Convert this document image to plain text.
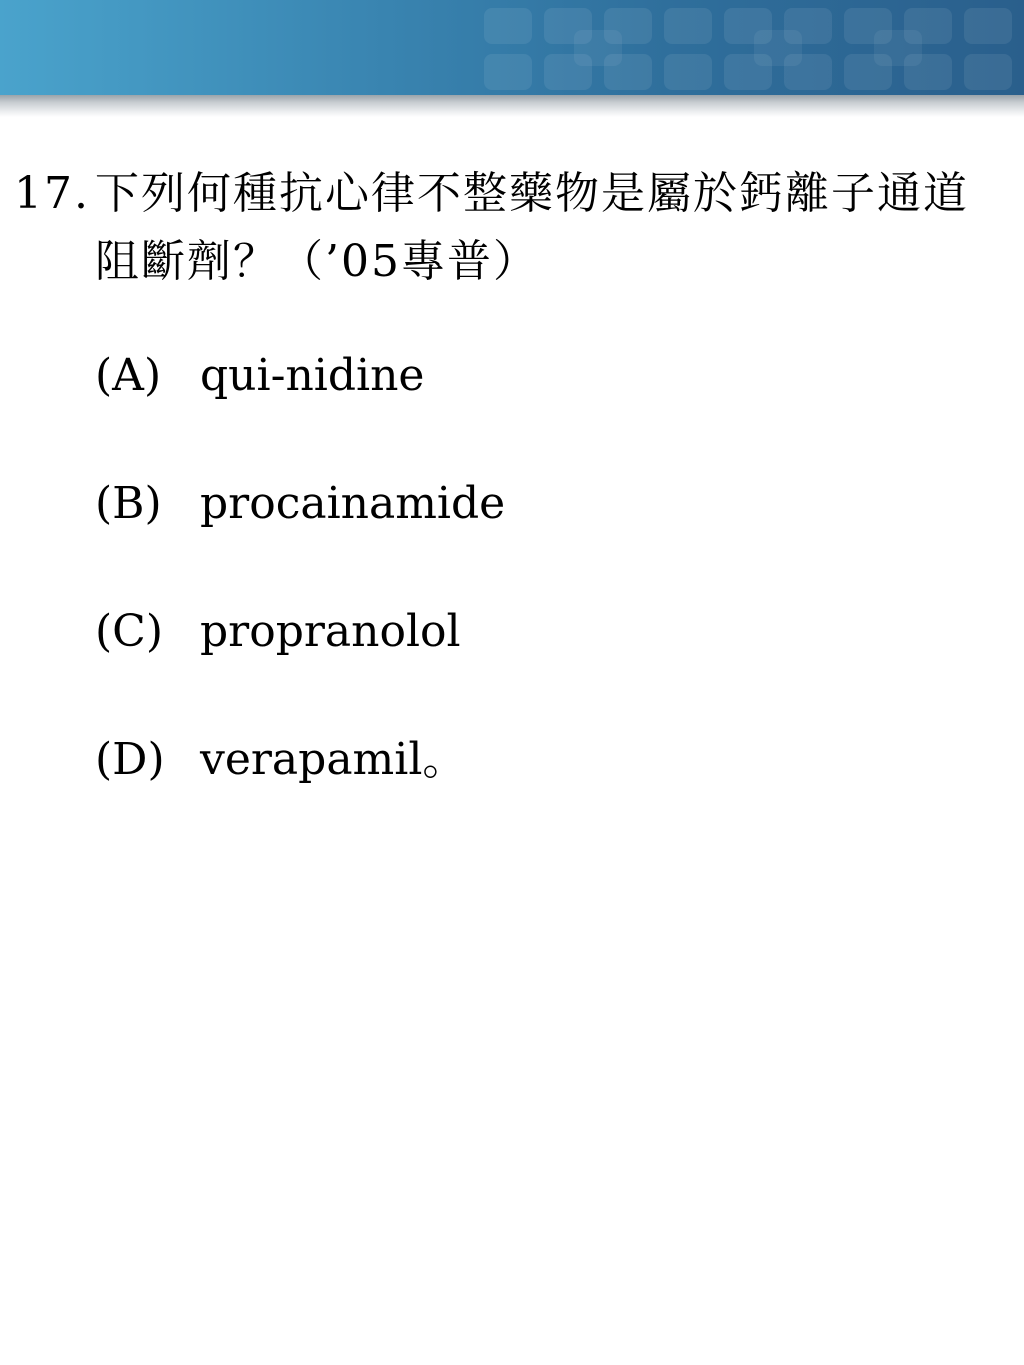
17. 下列何種抗心律不整藥物是屬於鈣離子通道阻斷劑？（’05專普）
(A) qui-nidine
(B) procainamide
(C) propranolol
(D) verapamil。
